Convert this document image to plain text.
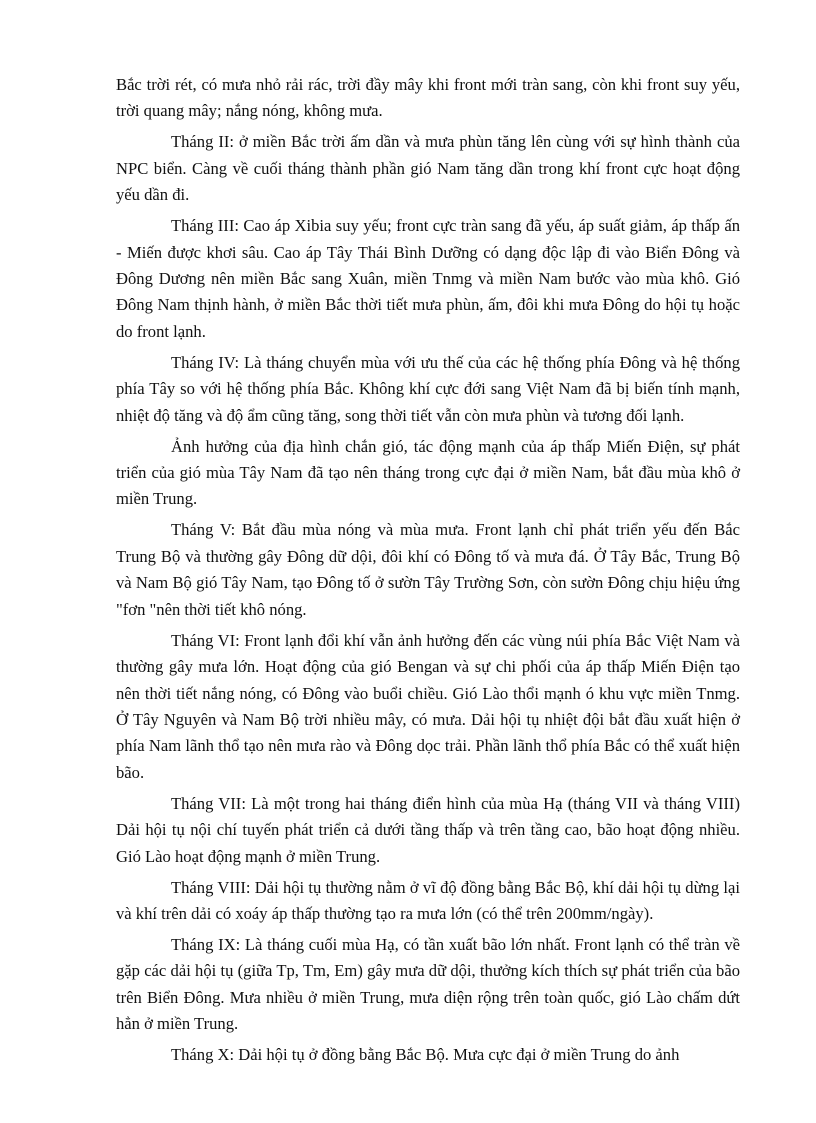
Bắc trời rét, có mưa nhỏ rải rác, trời đầy mây khi front mới tràn sang, còn khi front suy yếu, trời quang mây; nắng nóng, không mưa.

Tháng II: ở miền Bắc trời ấm dần và mưa phùn tăng lên cùng với sự hình thành của NPC biển. Càng về cuối tháng thành phần gió Nam tăng dần trong khí front cực hoạt động yếu dần đi.

Tháng III: Cao áp Xibia suy yếu; front cực tràn sang đã yếu, áp suất giảm, áp thấp ấn - Miến được khơi sâu. Cao áp Tây Thái Bình Dưỡng có dạng độc lập đi vào Biển Đông và Đông Dương nên miền Bắc sang Xuân, miền Tnmg và miền Nam bước vào mùa khô. Gió Đông Nam thịnh hành, ở miền Bắc thời tiết mưa phùn, ấm, đôi khi mưa Đông do hội tụ hoặc do front lạnh.

Tháng IV: Là tháng chuyển mùa với ưu thế của các hệ thống phía Đông và hệ thống phía Tây so với hệ thống phía Bắc. Không khí cực đới sang Việt Nam đã bị biến tính mạnh, nhiệt độ tăng và độ ẩm cũng tăng, song thời tiết vẫn còn mưa phùn và tương đối lạnh.

Ảnh hưởng của địa hình chắn gió, tác động mạnh của áp thấp Miến Điện, sự phát triển của gió mùa Tây Nam đã tạo nên tháng trong cực đại ở miền Nam, bắt đầu mùa khô ở miền Trung.

Tháng V: Bắt đầu mùa nóng và mùa mưa. Front lạnh chỉ phát triển yếu đến Bắc Trung Bộ và thường gây Đông dữ dội, đôi khí có Đông tố và mưa đá. Ở Tây Bắc, Trung Bộ và Nam Bộ gió Tây Nam, tạo Đông tố ở sườn Tây Trường Sơn, còn sườn Đông chịu hiệu ứng "fơn "nên thời tiết khô nóng.

Tháng VI: Front lạnh đổi khí vẫn ảnh hưởng đến các vùng núi phía Bắc Việt Nam và thường gây mưa lớn. Hoạt động của gió Bengan và sự chi phối của áp thấp Miến Điện tạo nên thời tiết nắng nóng, có Đông vào buổi chiều. Gió Lào thổi mạnh ó khu vực miền Tnmg. Ở Tây Nguyên và Nam Bộ trời nhiều mây, có mưa. Dải hội tụ nhiệt đội bắt đầu xuất hiện ở phía Nam lãnh thổ tạo nên mưa rào và Đông dọc trải. Phần lãnh thổ phía Bắc có thể xuất hiện bão.

Tháng VII: Là một trong hai tháng điển hình của mùa Hạ (tháng VII và tháng VIII) Dải hội tụ nội chí tuyến phát triển cả dưới tầng thấp và trên tầng cao, bão hoạt động nhiều. Gió Lào hoạt động mạnh ở miền Trung.

Tháng VIII: Dải hội tụ thường nằm ở vĩ độ đồng bằng Bắc Bộ, khí dải hội tụ dừng lại và khí trên dải có xoáy áp thấp thường tạo ra mưa lớn (có thể trên 200mm/ngày).

Tháng IX: Là tháng cuối mùa Hạ, có tần xuất bão lớn nhất. Front lạnh có thể tràn về gặp các dải hội tụ (giữa Tp, Tm, Em) gây mưa dữ dội, thưởng kích thích sự phát triển của bão trên Biển Đông. Mưa nhiều ở miền Trung, mưa diện rộng trên toàn quốc, gió Lào chấm dứt hẳn ở miền Trung.

Tháng X: Dải hội tụ ở đồng bằng Bắc Bộ. Mưa cực đại ở miền Trung do ảnh
